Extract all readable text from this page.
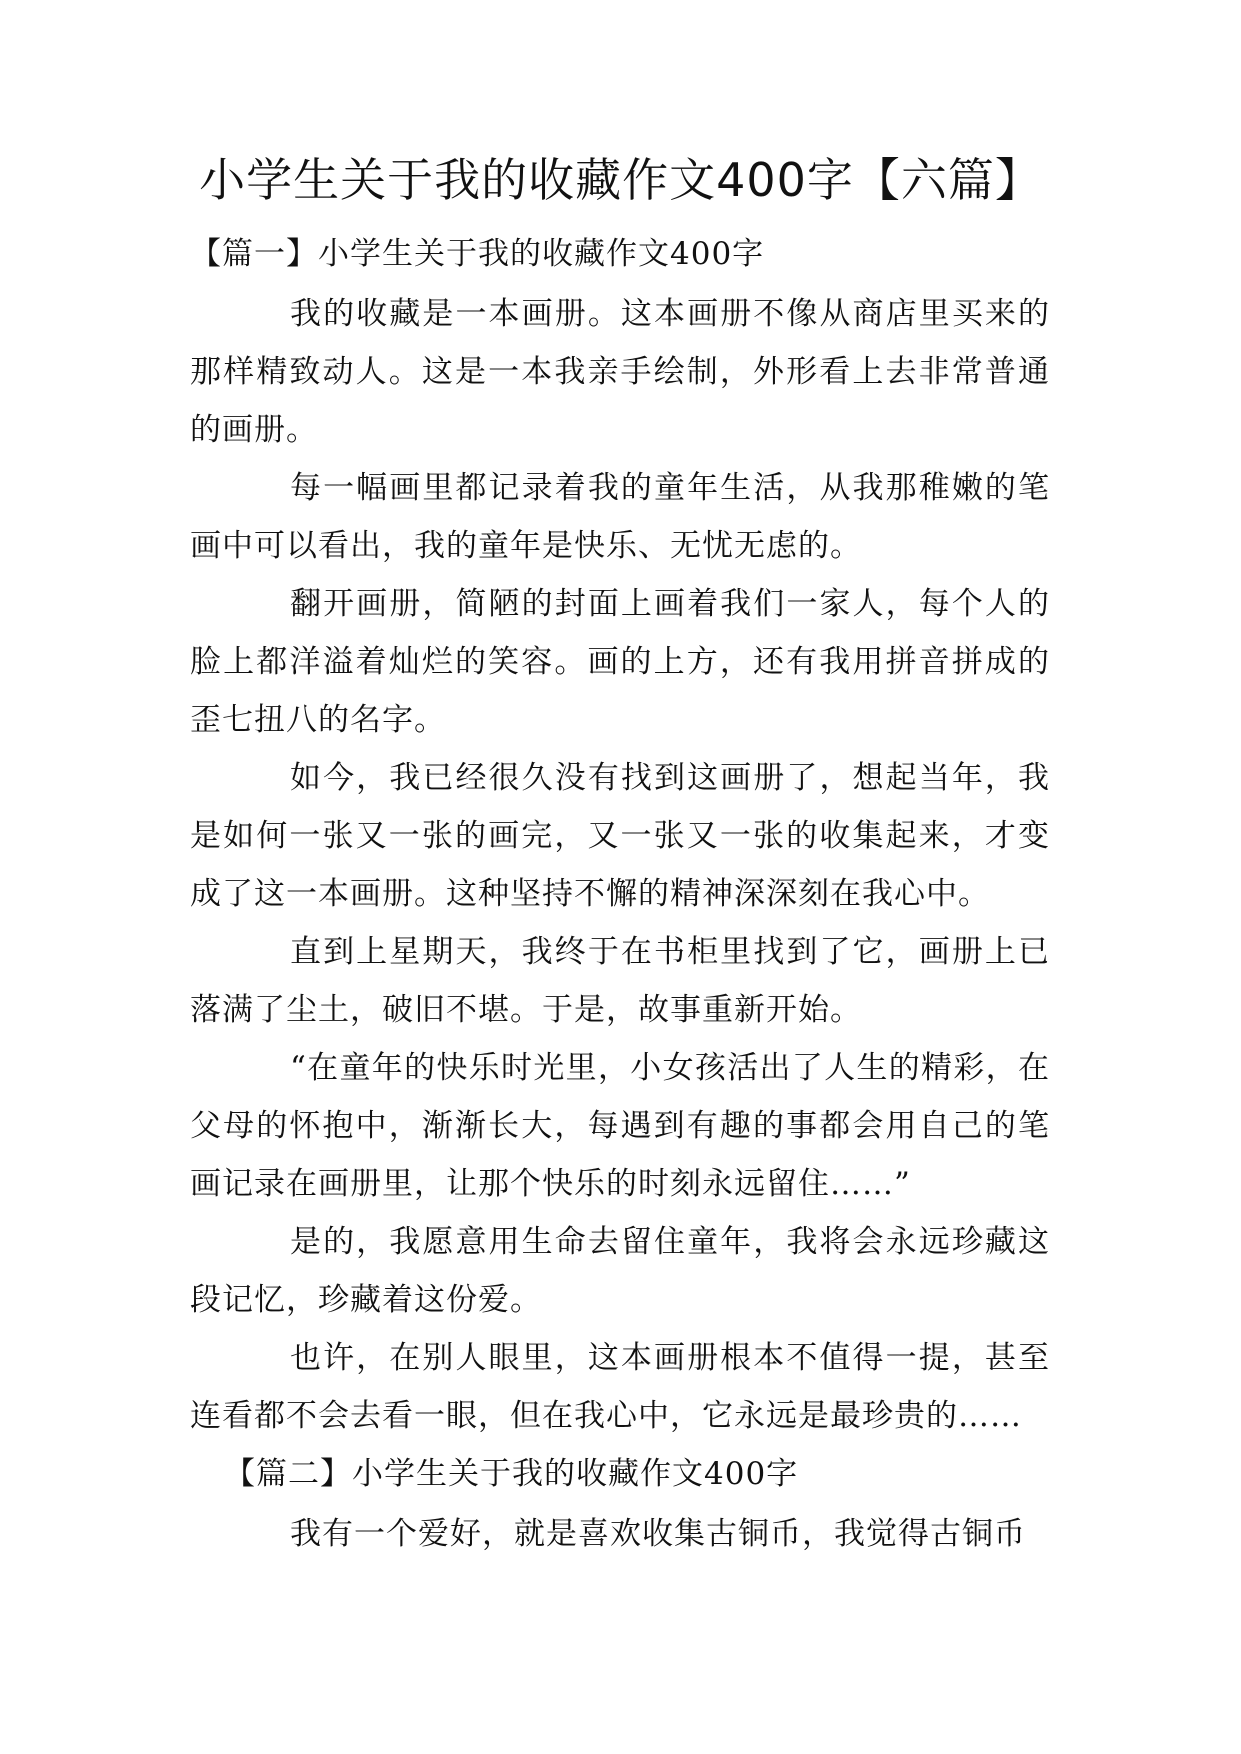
小学生关于我的收藏作文400字【六篇】
【篇一】小学生关于我的收藏作文400字

我的收藏是一本画册。这本画册不像从商店里买来的那样精致动人。这是一本我亲手绘制，外形看上去非常普通的画册。

每一幅画里都记录着我的童年生活，从我那稚嫩的笔画中可以看出，我的童年是快乐、无忧无虑的。

翻开画册，简陋的封面上画着我们一家人，每个人的脸上都洋溢着灿烂的笑容。画的上方，还有我用拼音拼成的歪七扭八的名字。

如今，我已经很久没有找到这画册了，想起当年，我是如何一张又一张的画完，又一张又一张的收集起来，才变成了这一本画册。这种坚持不懈的精神深深刻在我心中。

直到上星期天，我终于在书柜里找到了它，画册上已落满了尘土，破旧不堪。于是，故事重新开始。

“在童年的快乐时光里，小女孩活出了人生的精彩，在父母的怀抱中，渐渐长大，每遇到有趣的事都会用自己的笔画记录在画册里，让那个快乐的时刻永远留住……”

是的，我愿意用生命去留住童年，我将会永远珍藏这段记忆，珍藏着这份爱。

也许，在别人眼里，这本画册根本不值得一提，甚至连看都不会去看一眼，但在我心中，它永远是最珍贵的……

【篇二】小学生关于我的收藏作文400字

我有一个爱好，就是喜欢收集古铜币，我觉得古铜币
